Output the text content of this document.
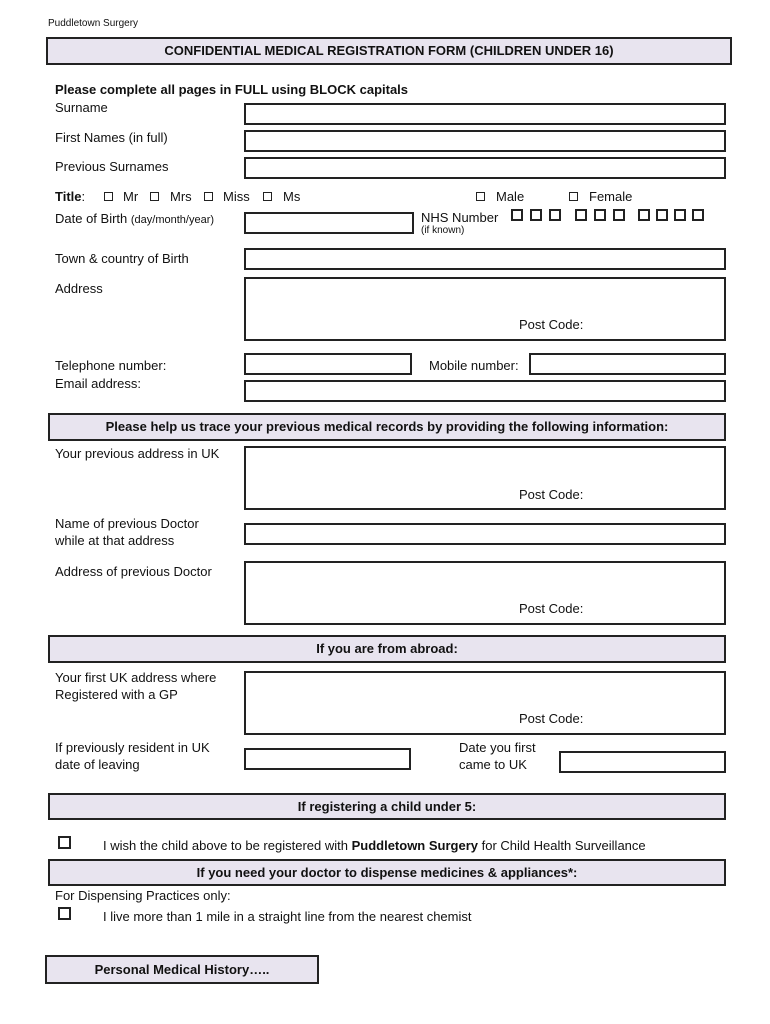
Puddletown Surgery
CONFIDENTIAL MEDICAL REGISTRATION FORM (CHILDREN UNDER 16)
Please complete all pages in FULL using BLOCK capitals
Surname
First Names (in full)
Previous Surnames
Title:	Mr Mrs Miss	Ms	Male	Female
Date of Birth (day/month/year)	NHS Number
(if known)
Town & country of Birth
Address
Post Code:
Telephone number:	Mobile number:
Email address:
Please help us trace your previous medical records by providing the following information:
Your previous address in UK
Post Code:
Name of previous Doctor
while at that address
Address of previous Doctor
Post Code:
If you are from abroad:
Your first UK address where
Registered with a GP
Post Code:
If previously resident in UK
date of leaving
Date you first
came to UK
If registering a child under 5:
I wish the child above to be registered with Puddletown Surgery for Child Health Surveillance
If you need your doctor to dispense medicines & appliances*:
For Dispensing Practices only:
I live more than 1 mile in a straight line from the nearest chemist
Personal Medical History…..
